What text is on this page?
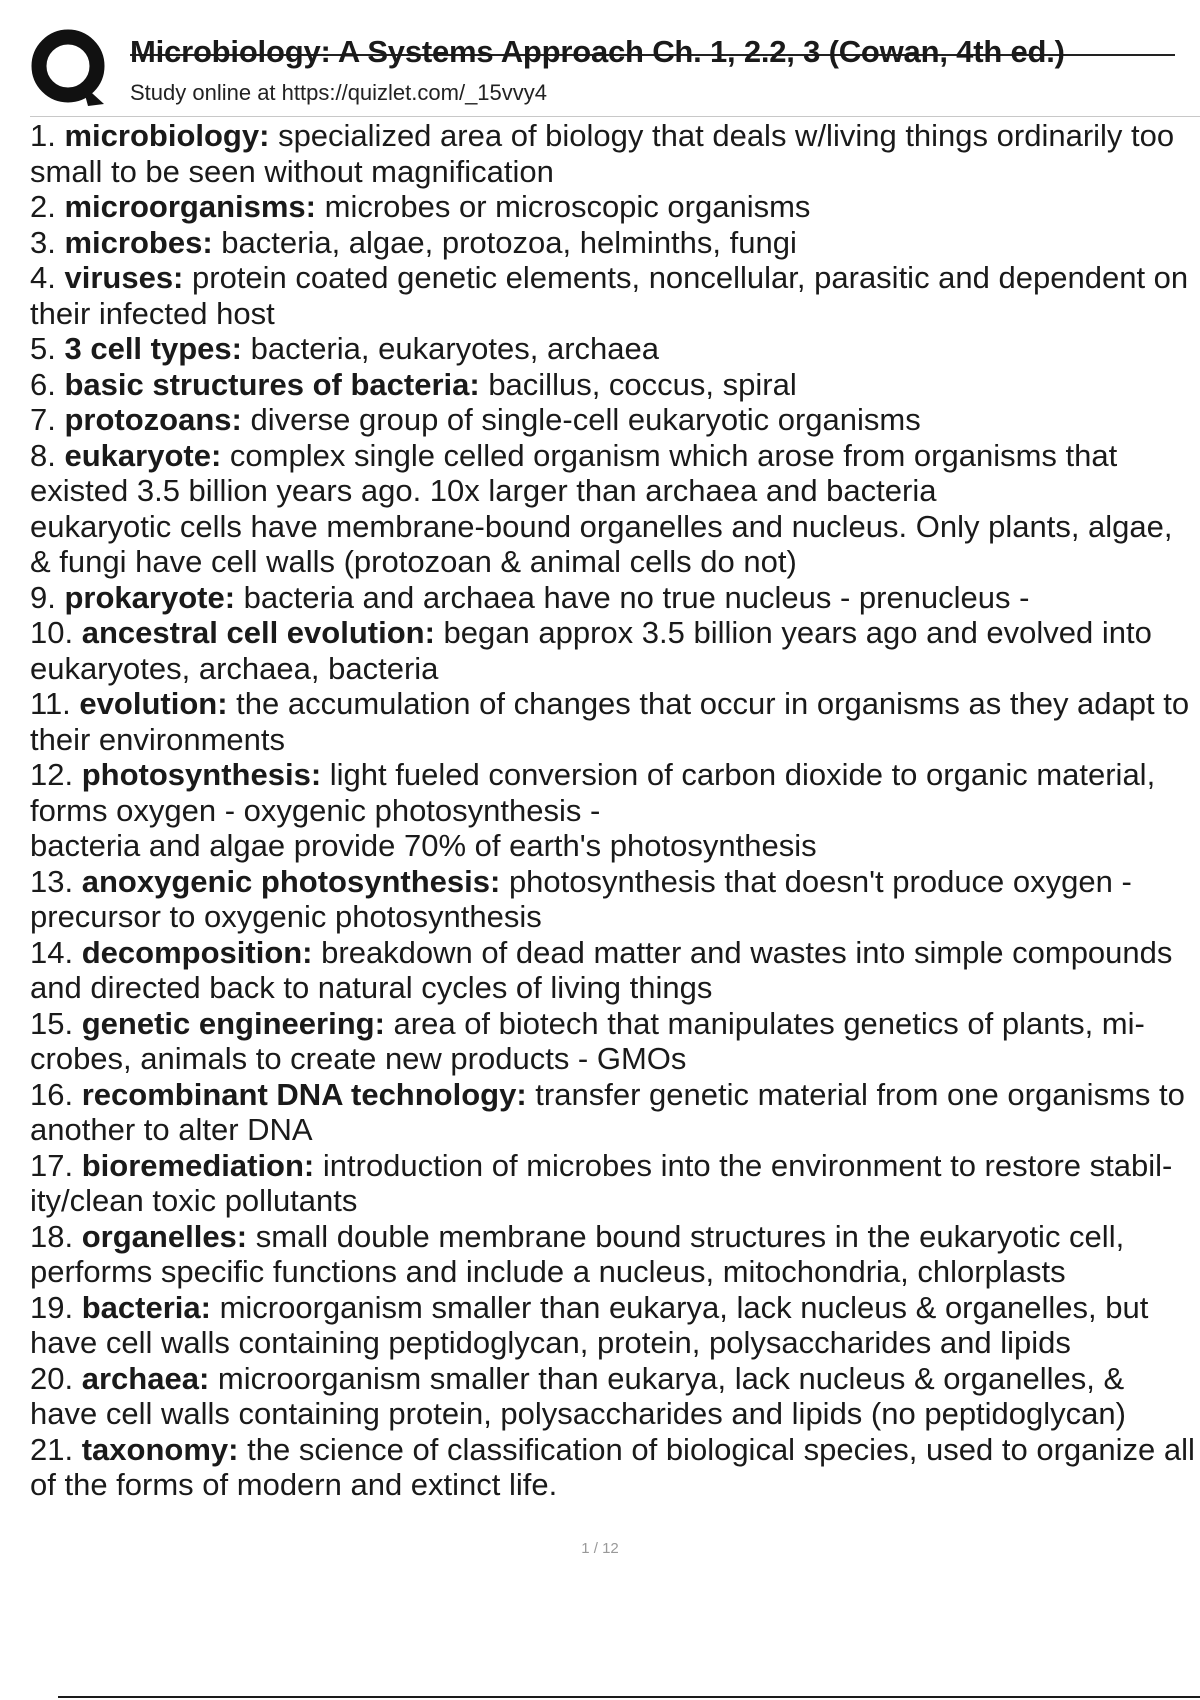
Microbiology: A Systems Approach Ch. 1, 2.2, 3 (Cowan, 4th ed.)
Study online at https://quizlet.com/_15vvy4
1. microbiology: specialized area of biology that deals w/living things ordinarily too small to be seen without magnification
2. microorganisms: microbes or microscopic organisms
3. microbes: bacteria, algae, protozoa, helminths, fungi
4. viruses: protein coated genetic elements, noncellular, parasitic and dependent on their infected host
5. 3 cell types: bacteria, eukaryotes, archaea
6. basic structures of bacteria: bacillus, coccus, spiral
7. protozoans: diverse group of single-cell eukaryotic organisms
8. eukaryote: complex single celled organism which arose from organisms that existed 3.5 billion years ago. 10x larger than archaea and bacteria
eukaryotic cells have membrane-bound organelles and nucleus. Only plants, algae, & fungi have cell walls (protozoan & animal cells do not)
9. prokaryote: bacteria and archaea have no true nucleus - prenucleus -
10. ancestral cell evolution: began approx 3.5 billion years ago and evolved into eukaryotes, archaea, bacteria
11. evolution: the accumulation of changes that occur in organisms as they adapt to their environments
12. photosynthesis: light fueled conversion of carbon dioxide to organic material, forms oxygen - oxygenic photosynthesis -
bacteria and algae provide 70% of earth's photosynthesis
13. anoxygenic photosynthesis: photosynthesis that doesn't produce oxygen - precursor to oxygenic photosynthesis
14. decomposition: breakdown of dead matter and wastes into simple compounds and directed back to natural cycles of living things
15. genetic engineering: area of biotech that manipulates genetics of plants, mi-crobes, animals to create new products - GMOs
16. recombinant DNA technology: transfer genetic material from one organisms to another to alter DNA
17. bioremediation: introduction of microbes into the environment to restore stabil-ity/clean toxic pollutants
18. organelles: small double membrane bound structures in the eukaryotic cell, performs specific functions and include a nucleus, mitochondria, chlorplasts
19. bacteria: microorganism smaller than eukarya, lack nucleus & organelles, but have cell walls containing peptidoglycan, protein, polysaccharides and lipids
20. archaea: microorganism smaller than eukarya, lack nucleus & organelles, & have cell walls containing protein, polysaccharides and lipids (no peptidoglycan)
21. taxonomy: the science of classification of biological species, used to organize all of the forms of modern and extinct life.
1 / 12
